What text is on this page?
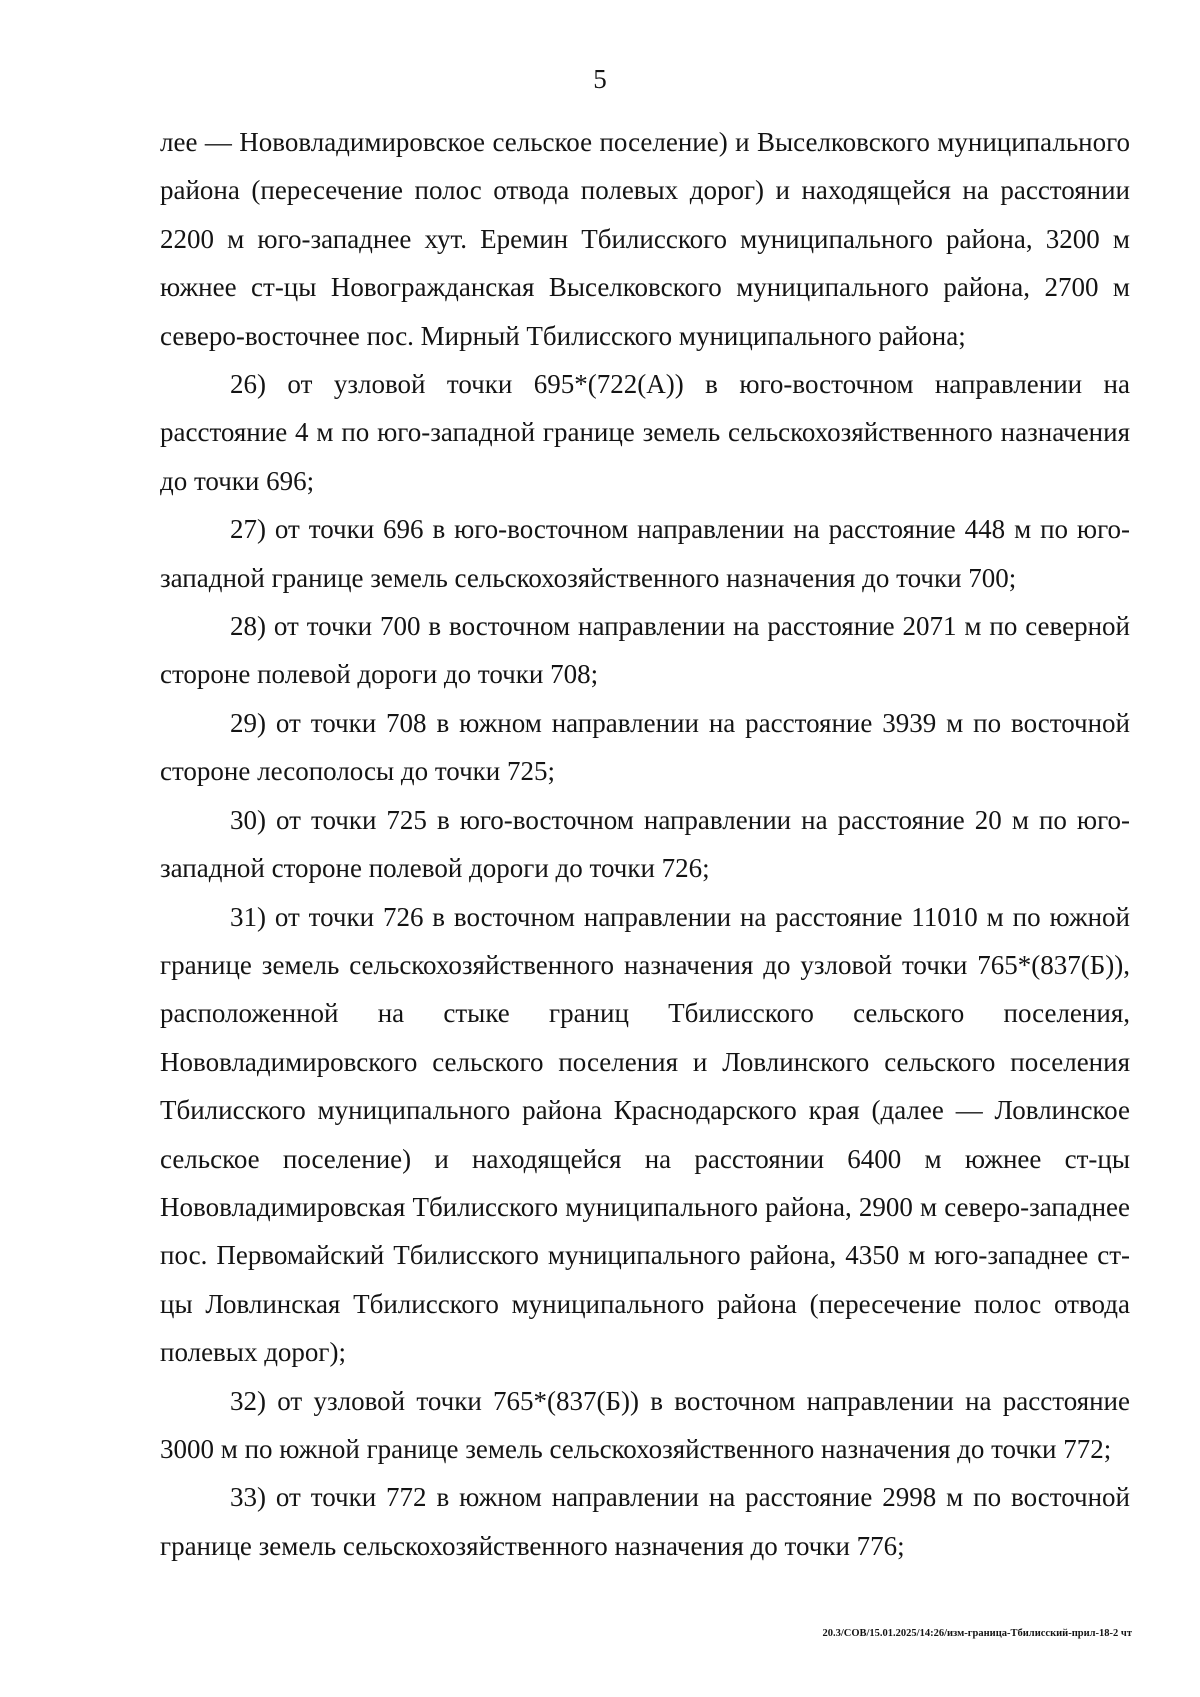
5

лее — Нововладимировское сельское поселение) и Выселковского муниципального района (пересечение полос отвода полевых дорог) и находящейся на расстоянии 2200 м юго-западнее хут. Еремин Тбилисского муниципального района, 3200 м южнее ст-цы Новогражданская Выселковского муниципального района, 2700 м северо-восточнее пос. Мирный Тбилисского муниципального района;

26) от узловой точки 695*(722(А)) в юго-восточном направлении на расстояние 4 м по юго-западной границе земель сельскохозяйственного назначения до точки 696;

27) от точки 696 в юго-восточном направлении на расстояние 448 м по юго-западной границе земель сельскохозяйственного назначения до точки 700;

28) от точки 700 в восточном направлении на расстояние 2071 м по северной стороне полевой дороги до точки 708;

29) от точки 708 в южном направлении на расстояние 3939 м по восточной стороне лесополосы до точки 725;

30) от точки 725 в юго-восточном направлении на расстояние 20 м по юго-западной стороне полевой дороги до точки 726;

31) от точки 726 в восточном направлении на расстояние 11010 м по южной границе земель сельскохозяйственного назначения до узловой точки 765*(837(Б)), расположенной на стыке границ Тбилисского сельского поселения, Нововладимировского сельского поселения и Ловлинского сельского поселения Тбилисского муниципального района Краснодарского края (далее — Ловлинское сельское поселение) и находящейся на расстоянии 6400 м южнее ст-цы Нововладимировская Тбилисского муниципального района, 2900 м северо-западнее пос. Первомайский Тбилисского муниципального района, 4350 м юго-западнее ст-цы Ловлинская Тбилисского муниципального района (пересечение полос отвода полевых дорог);

32) от узловой точки 765*(837(Б)) в восточном направлении на расстояние 3000 м по южной границе земель сельскохозяйственного назначения до точки 772;

33) от точки 772 в южном направлении на расстояние 2998 м по восточной границе земель сельскохозяйственного назначения до точки 776;

20.3/СОВ/15.01.2025/14:26/изм-граница-Тбилисский-прил-18-2 чт
